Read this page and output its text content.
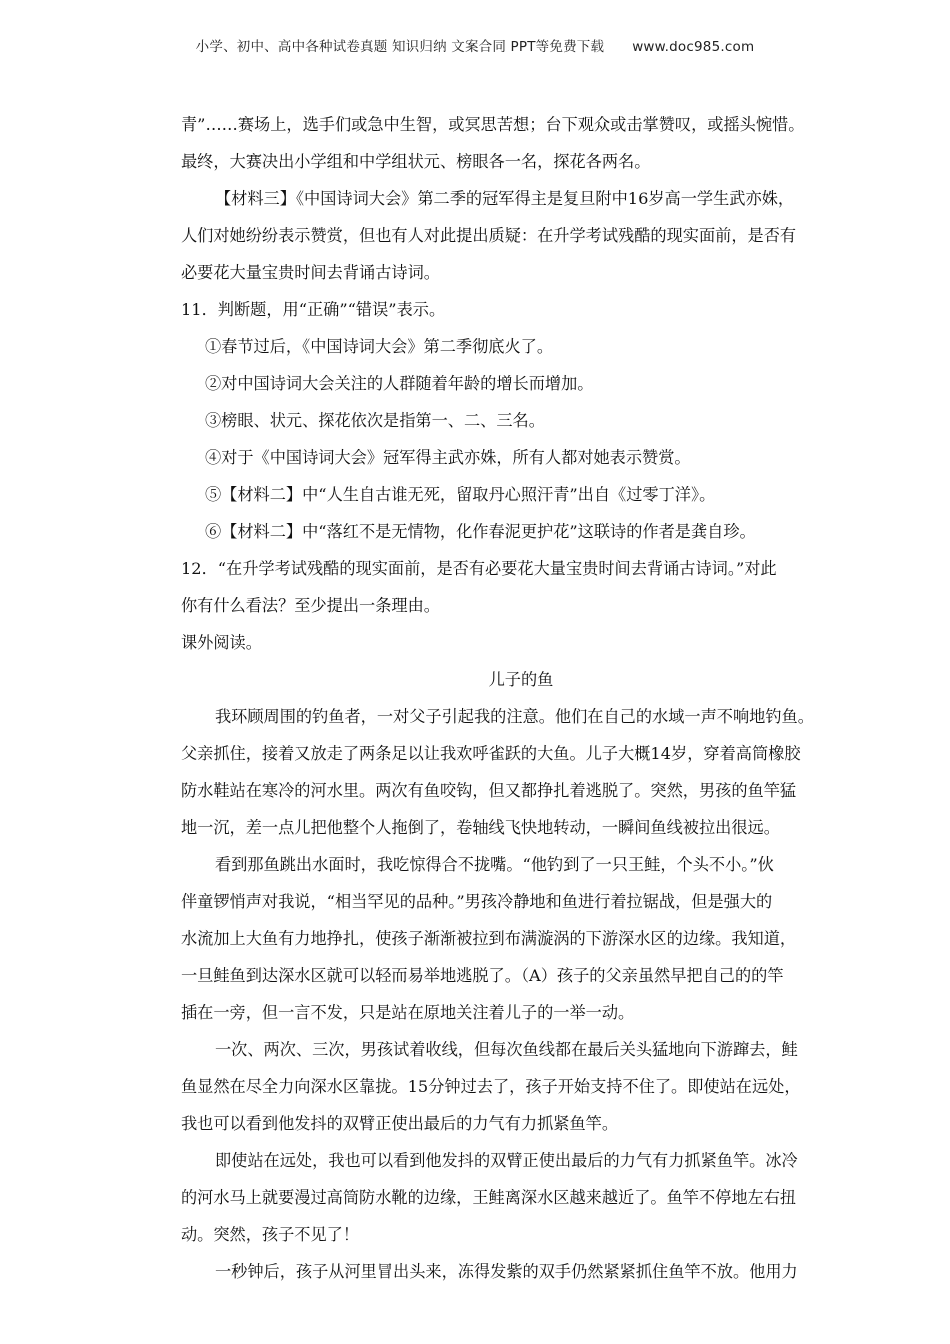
小学、初中、高中各种试卷真题 知识归纳 文案合同 PPT等免费下载 www.doc985.com

青”……赛场上，选手们或急中生智，或冥思苦想；台下观众或击掌赞叹，或摇头惋惜。

最终，大赛决出小学组和中学组状元、榜眼各一名，探花各两名。

【材料三】《中国诗词大会》第二季的冠军得主是复旦附中16岁高一学生武亦姝，

人们对她纷纷表示赞赏，但也有人对此提出质疑：在升学考试残酷的现实面前，是否有

必要花大量宝贵时间去背诵古诗词。

11．判断题，用“正确”“错误”表示。

①春节过后，《中国诗词大会》第二季彻底火了。

②对中国诗词大会关注的人群随着年龄的增长而增加。

③榜眼、状元、探花依次是指第一、二、三名。

④对于《中国诗词大会》冠军得主武亦姝，所有人都对她表示赞赏。

⑤【材料二】中“人生自古谁无死，留取丹心照汗青”出自《过零丁洋》。

⑥【材料二】中“落红不是无情物，化作春泥更护花”这联诗的作者是龚自珍。

12．“在升学考试残酷的现实面前，是否有必要花大量宝贵时间去背诵古诗词。”对此

你有什么看法？至少提出一条理由。

课外阅读。

儿子的鱼

我环顾周围的钓鱼者，一对父子引起我的注意。他们在自己的水域一声不响地钓鱼。

父亲抓住，接着又放走了两条足以让我欢呼雀跃的大鱼。儿子大概14岁，穿着高筒橡胶

防水鞋站在寒冷的河水里。两次有鱼咬钩，但又都挣扎着逃脱了。突然，男孩的鱼竿猛

地一沉，差一点儿把他整个人拖倒了，卷轴线飞快地转动，一瞬间鱼线被拉出很远。

看到那鱼跳出水面时，我吃惊得合不拢嘴。“他钓到了一只王鲑，个头不小。”伙

伴童锣悄声对我说，“相当罕见的品种。”男孩冷静地和鱼进行着拉锯战，但是强大的

水流加上大鱼有力地挣扎，使孩子渐渐被拉到布满漩涡的下游深水区的边缘。我知道，

一旦鲑鱼到达深水区就可以轻而易举地逃脱了。（A）孩子的父亲虽然早把自己的的竿

插在一旁，但一言不发，只是站在原地关注着儿子的一举一动。

一次、两次、三次，男孩试着收线，但每次鱼线都在最后关头猛地向下游蹿去，鲑

鱼显然在尽全力向深水区靠拢。15分钟过去了，孩子开始支持不住了。即使站在远处，

我也可以看到他发抖的双臂正使出最后的力气有力抓紧鱼竿。

即使站在远处，我也可以看到他发抖的双臂正使出最后的力气有力抓紧鱼竿。冰冷

的河水马上就要漫过高筒防水靴的边缘，王鲑离深水区越来越近了。鱼竿不停地左右扭

动。突然，孩子不见了！

一秒钟后，孩子从河里冒出头来，冻得发紫的双手仍然紧紧抓住鱼竿不放。他用力
